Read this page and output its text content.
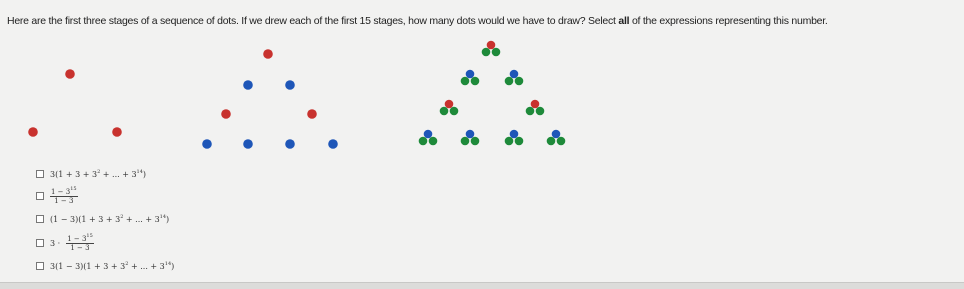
Here are the first three stages of a sequence of dots. If we drew each of the first 15 stages, how many dots would we have to draw? Select all of the expressions representing this number.
$3(1 + 3 + 3^2$ + ... + $3^{14}$)
$\frac{1 - 3^{15}}{1 - 3}$
$(1 - 3)(1 + 3 + 3^2$ + ... + $3^{14}$)
$3 \cdot \frac{1 - 3^{15}}{1 - 3}$
$3(1 - 3)(1 + 3 + 3^2$ + ... + $3^{14}$)
